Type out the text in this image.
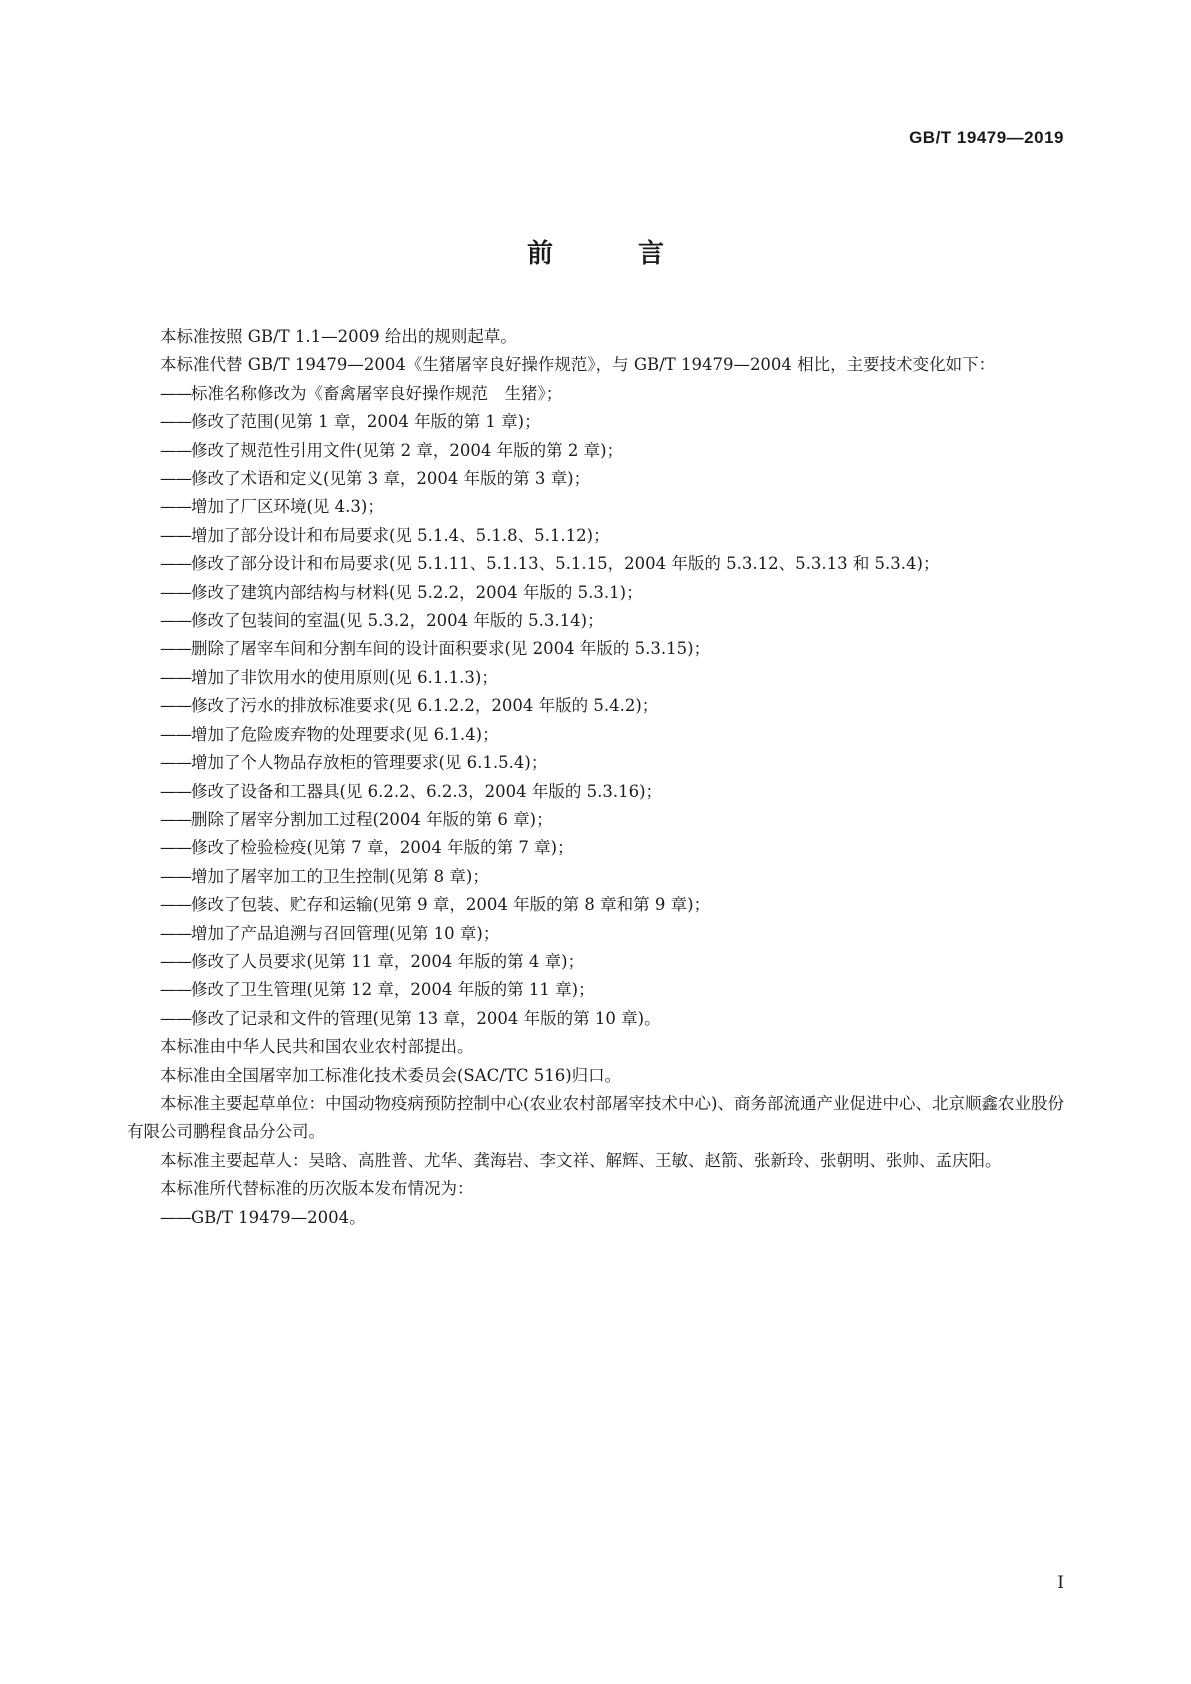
GB/T 19479—2019
前 言

本标准按照 GB/T 1.1—2009 给出的规则起草。

本标准代替 GB/T 19479—2004《生猪屠宰良好操作规范》，与 GB/T 19479—2004 相比，主要技术变化如下：

—— 标准名称修改为《畜禽屠宰良好操作规范　生猪》；
—— 修改了范围(见第 1 章，2004 年版的第 1 章)；
—— 修改了规范性引用文件(见第 2 章，2004 年版的第 2 章)；
—— 修改了术语和定义(见第 3 章，2004 年版的第 3 章)；
—— 增加了厂区环境(见 4.3)；
—— 增加了部分设计和布局要求(见 5.1.4、5.1.8、5.1.12)；
—— 修改了部分设计和布局要求(见 5.1.11、5.1.13、5.1.15，2004 年版的 5.3.12、5.3.13 和 5.3.4)；
—— 修改了建筑内部结构与材料(见 5.2.2，2004 年版的 5.3.1)；
—— 修改了包装间的室温(见 5.3.2，2004 年版的 5.3.14)；
—— 删除了屠宰车间和分割车间的设计面积要求(见 2004 年版的 5.3.15)；
—— 增加了非饮用水的使用原则(见 6.1.1.3)；
—— 修改了污水的排放标准要求(见 6.1.2.2，2004 年版的 5.4.2)；
—— 增加了危险废弃物的处理要求(见 6.1.4)；
—— 增加了个人物品存放柜的管理要求(见 6.1.5.4)；
—— 修改了设备和工器具(见 6.2.2、6.2.3，2004 年版的 5.3.16)；
—— 删除了屠宰分割加工过程(2004 年版的第 6 章)；
—— 修改了检验检疫(见第 7 章，2004 年版的第 7 章)；
—— 增加了屠宰加工的卫生控制(见第 8 章)；
—— 修改了包装、贮存和运输(见第 9 章，2004 年版的第 8 章和第 9 章)；
—— 增加了产品追溯与召回管理(见第 10 章)；
—— 修改了人员要求(见第 11 章，2004 年版的第 4 章)；
—— 修改了卫生管理(见第 12 章，2004 年版的第 11 章)；
—— 修改了记录和文件的管理(见第 13 章，2004 年版的第 10 章)。

本标准由中华人民共和国农业农村部提出。

本标准由全国屠宰加工标准化技术委员会(SAC/TC 516)归口。

本标准主要起草单位：中国动物疫病预防控制中心(农业农村部屠宰技术中心)、商务部流通产业促进中心、北京顺鑫农业股份有限公司鹏程食品分公司。

本标准主要起草人：吴晗、高胜普、尤华、龚海岩、李文祥、解辉、王敏、赵箭、张新玲、张朝明、张帅、孟庆阳。

本标准所代替标准的历次版本发布情况为：

—— GB/T 19479—2004。
I
